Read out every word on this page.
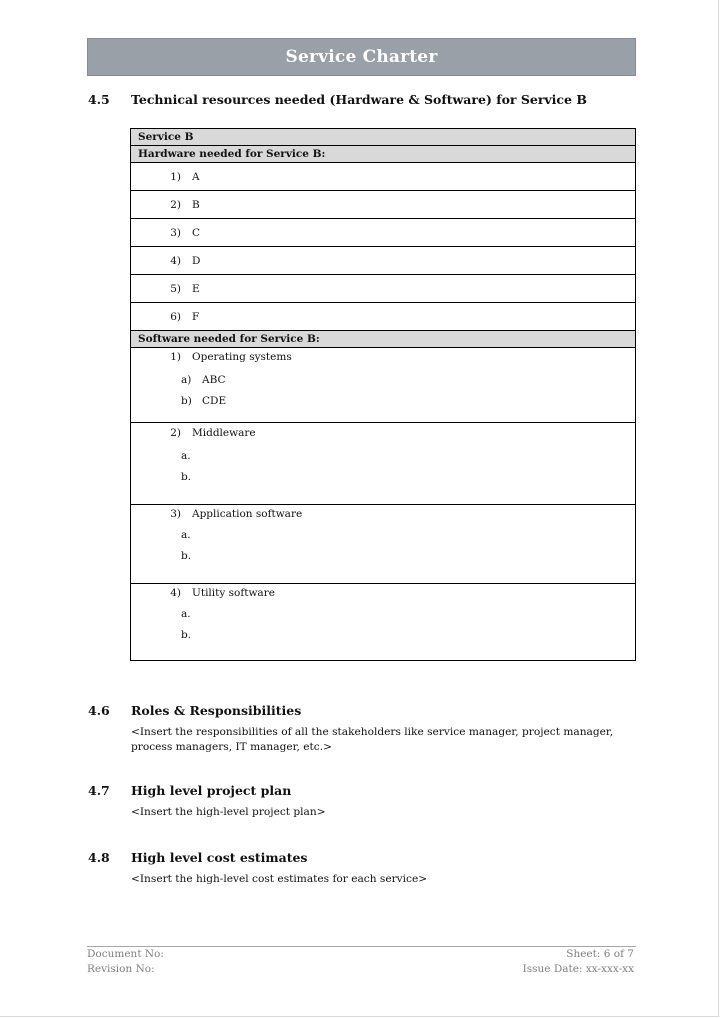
Service Charter
4.5 Technical resources needed (Hardware & Software) for Service B
Service B
Hardware needed for Service B:

1) A

2) B

3) C

4) D

5) E

6) F

Software needed for Service B:

1) Operating systems
a) ABC
b) CDE

2) Middleware
a.
b.

3) Application software
a.
b.

4) Utility software
a.
b.
4.6 Roles & Responsibilities
<Insert the responsibilities of all the stakeholders like service manager, project manager, process managers, IT manager, etc.>
4.7 High level project plan
<Insert the high-level project plan>
4.8 High level cost estimates
<Insert the high-level cost estimates for each service>
Document No:
Revision No:
Sheet: 6 of 7
Issue Date: xx-xxx-xx
